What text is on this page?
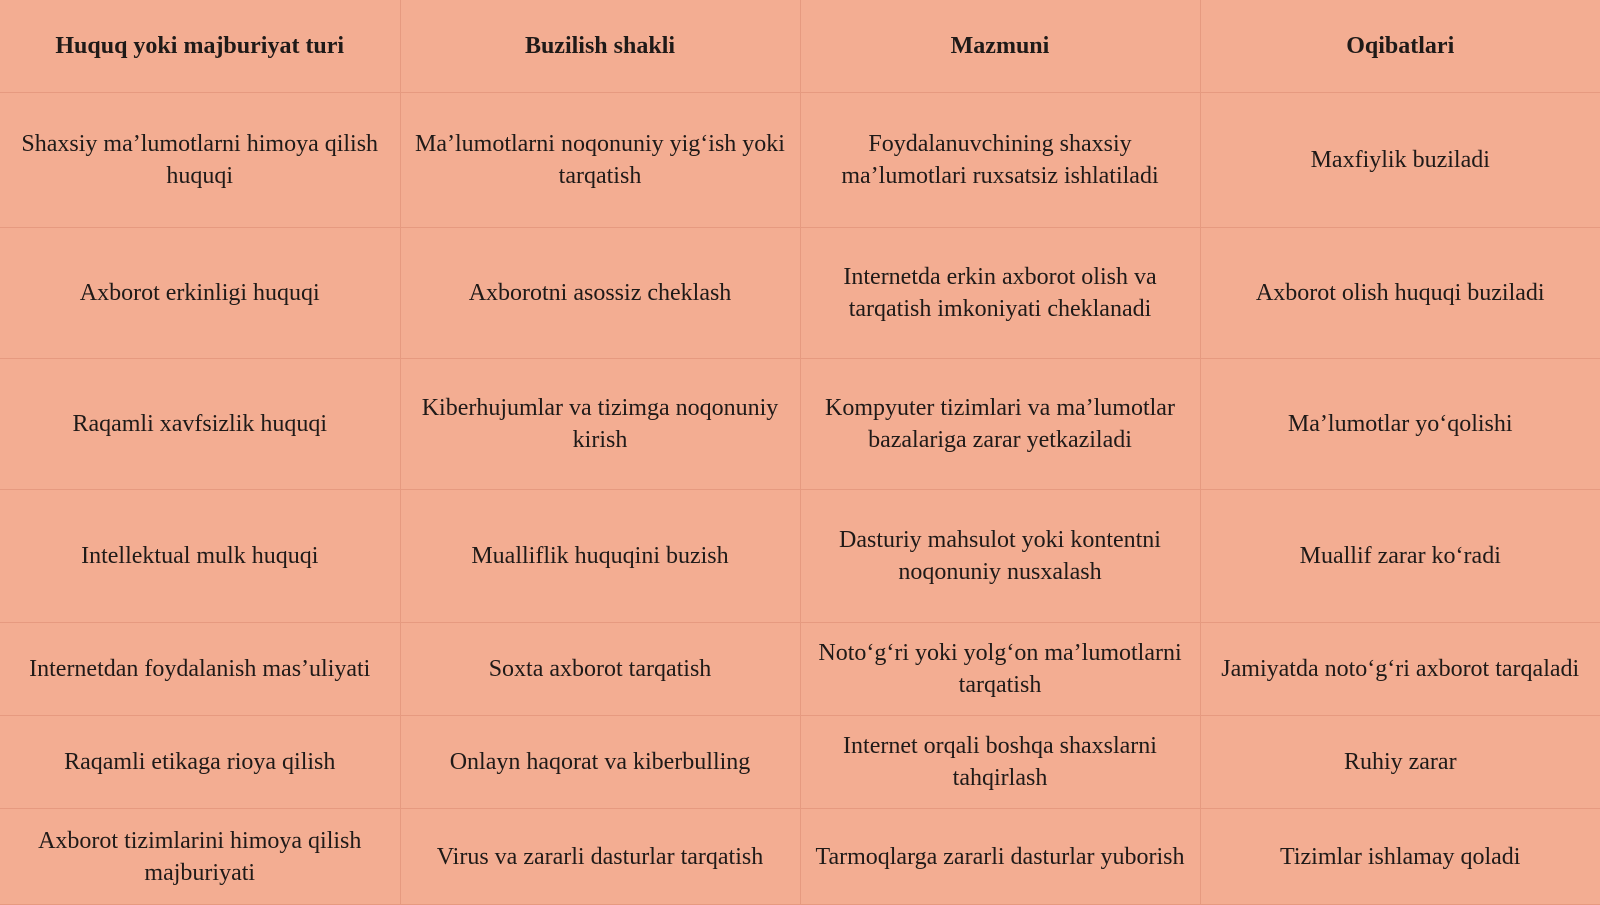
Huquq yoki majburiyat turi	Buzilish shakli	Mazmuni	Oqibatlari
Shaxsiy ma’lumotlarni himoya qilish huquqi	Ma’lumotlarni noqonuniy yig‘ish yoki tarqatish	Foydalanuvchining shaxsiy ma’lumotlari ruxsatsiz ishlatiladi	Maxfiylik buziladi
Axborot erkinligi huquqi	Axborotni asossiz cheklash	Internetda erkin axborot olish va tarqatish imkoniyati cheklanadi	Axborot olish huquqi buziladi
Raqamli xavfsizlik huquqi	Kiberhujumlar va tizimga noqonuniy kirish	Kompyuter tizimlari va ma’lumotlar bazalariga zarar yetkaziladi	Ma’lumotlar yo‘qolishi
Intellektual mulk huquqi	Mualliflik huquqini buzish	Dasturiy mahsulot yoki kontentni noqonuniy nusxalash	Muallif zarar ko‘radi
Internetdan foydalanish mas’uliyati	Soxta axborot tarqatish	Noto‘g‘ri yoki yolg‘on ma’lumotlarni tarqatish	Jamiyatda noto‘g‘ri axborot tarqaladi
Raqamli etikaga rioya qilish	Onlayn haqorat va kiberbulling	Internet orqali boshqa shaxslarni tahqirlash	Ruhiy zarar
Axborot tizimlarini himoya qilish majburiyati	Virus va zararli dasturlar tarqatish	Tarmoqlarga zararli dasturlar yuborish	Tizimlar ishlamay qoladi
